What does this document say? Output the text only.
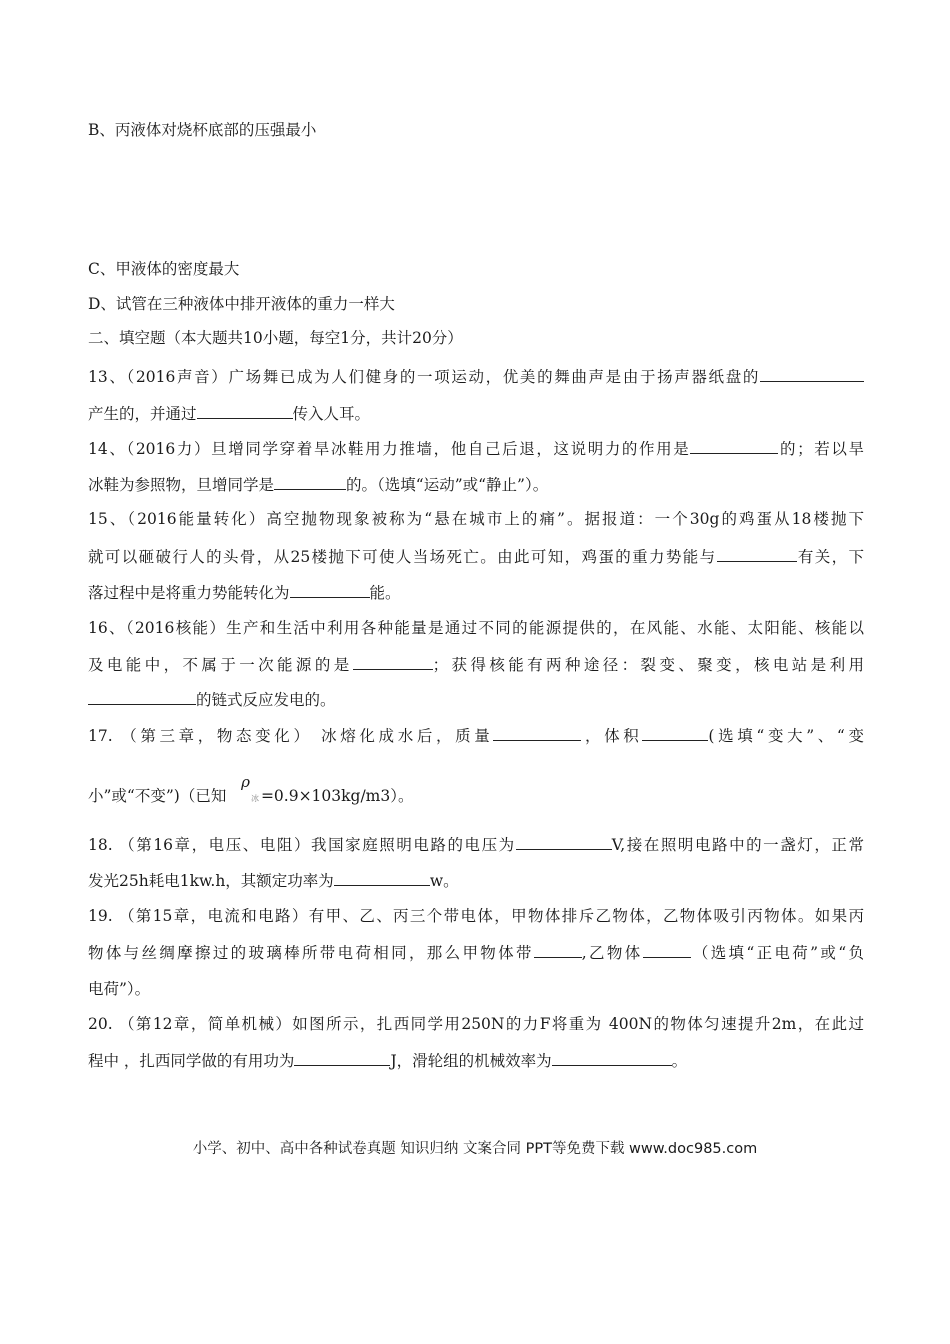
B、丙液体对烧杯底部的压强最小
C、甲液体的密度最大
D、试管在三种液体中排开液体的重力一样大
二、填空题（本大题共10小题，每空1分，共计20分）
13、（2016声音）广场舞已成为人们健身的一项运动，优美的舞曲声是由于扬声器纸盘的
产生的，并通过	传入人耳。
14、（2016力）旦增同学穿着旱冰鞋用力推墙，他自己后退，这说明力的作用是	的；若以旱
冰鞋为参照物，旦增同学是	的。（选填“运动”或“静止”）。
15、（2016能量转化）高空抛物现象被称为“悬在城市上的痛”。据报道：一个30g的鸡蛋从18楼抛下
就可以砸破行人的头骨，从25楼抛下可使人当场死亡。由此可知，鸡蛋的重力势能与	有关，下
落过程中是将重力势能转化为	能。
16、（2016核能）生产和生活中利用各种能量是通过不同的能源提供的，在风能、水能、太阳能、核能以
及电能中，不属于一次能源的是	；获得核能有两种途径：裂变、聚变，核电站是利用
的链式反应发电的。
17. （第三章，物态变化） 冰熔化成水后，质量	，体积	(选填“变大”、“变
小”或“不变”)（已知   ρ冰 =0.9×103kg/m3）。
18. （第16章，电压、电阻）我国家庭照明电路的电压为	V,接在照明电路中的一盏灯，正常
发光25h耗电1kw.h，其额定功率为	w。
19. （第15章，电流和电路）有甲、乙、丙三个带电体，甲物体排斥乙物体，乙物体吸引丙物体。如果丙
物体与丝绸摩擦过的玻璃棒所带电荷相同，那么甲物体带	,乙物体	（选填“正电荷”或“负
电荷”）。
20. （第12章，简单机械）如图所示，扎西同学用250N的力F将重为 400N的物体匀速提升2m，在此过
程中 ，扎西同学做的有用功为	J，滑轮组的机械效率为	。
小学、初中、高中各种试卷真题 知识归纳 文案合同 PPT等免费下载 www.doc985.com
